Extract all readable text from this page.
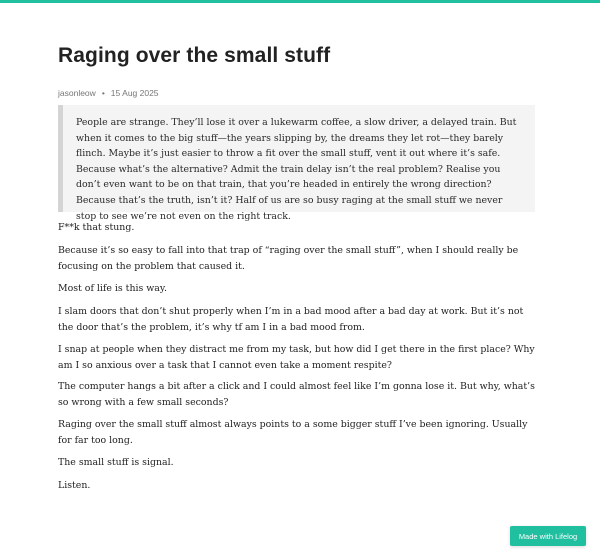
Raging over the small stuff
jasonleow • 15 Aug 2025
People are strange. They’ll lose it over a lukewarm coffee, a slow driver, a delayed train. But when it comes to the big stuff—the years slipping by, the dreams they let rot—they barely flinch. Maybe it’s just easier to throw a fit over the small stuff, vent it out where it’s safe. Because what’s the alternative? Admit the train delay isn’t the real problem? Realise you don’t even want to be on that train, that you’re headed in entirely the wrong direction? Because that’s the truth, isn’t it? Half of us are so busy raging at the small stuff we never stop to see we’re not even on the right track.

F**k that stung.

Because it’s so easy to fall into that trap of “raging over the small stuff”, when I should really be focusing on the problem that caused it.

Most of life is this way.

I slam doors that don’t shut properly when I’m in a bad mood after a bad day at work. But it’s not the door that’s the problem, it’s why tf am I in a bad mood from.

I snap at people when they distract me from my task, but how did I get there in the first place? Why am I so anxious over a task that I cannot even take a moment respite?

The computer hangs a bit after a click and I could almost feel like I’m gonna lose it. But why, what’s so wrong with a few small seconds?

Raging over the small stuff almost always points to a some bigger stuff I’ve been ignoring. Usually for far too long.

The small stuff is signal.

Listen.

Made with Lifelog
